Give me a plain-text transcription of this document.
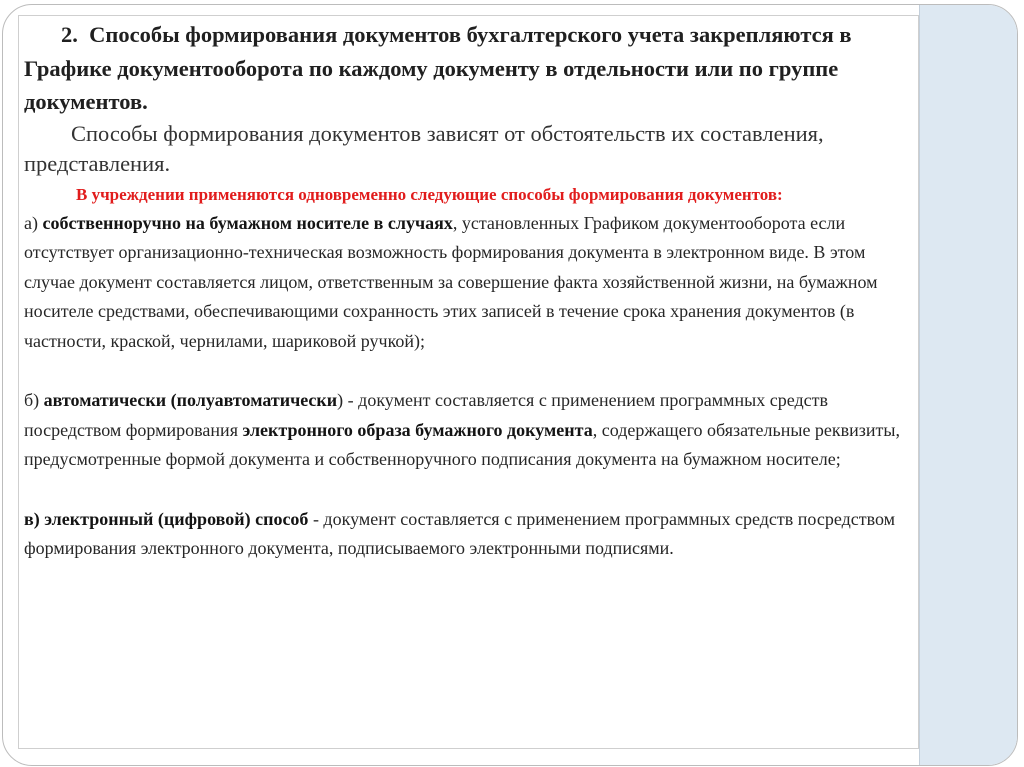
2. Способы формирования документов бухгалтерского учета закрепляются в Графике документооборота по каждому документу в отдельности или по группе документов.

Способы формирования документов зависят от обстоятельств их составления, представления.

В учреждении применяются одновременно следующие способы формирования документов:

а) собственноручно на бумажном носителе в случаях, установленных Графиком документооборота если отсутствует организационно-техническая возможность формирования документа в электронном виде. В этом случае документ составляется лицом, ответственным за совершение факта хозяйственной жизни, на бумажном носителе средствами, обеспечивающими сохранность этих записей в течение срока хранения документов (в частности, краской, чернилами, шариковой ручкой);

б) автоматически (полуавтоматически) - документ составляется с применением программных средств посредством формирования электронного образа бумажного документа, содержащего обязательные реквизиты, предусмотренные формой документа и собственноручного подписания документа на бумажном носителе;

в) электронный (цифровой) способ - документ составляется с применением программных средств посредством формирования электронного документа, подписываемого электронными подписями.
